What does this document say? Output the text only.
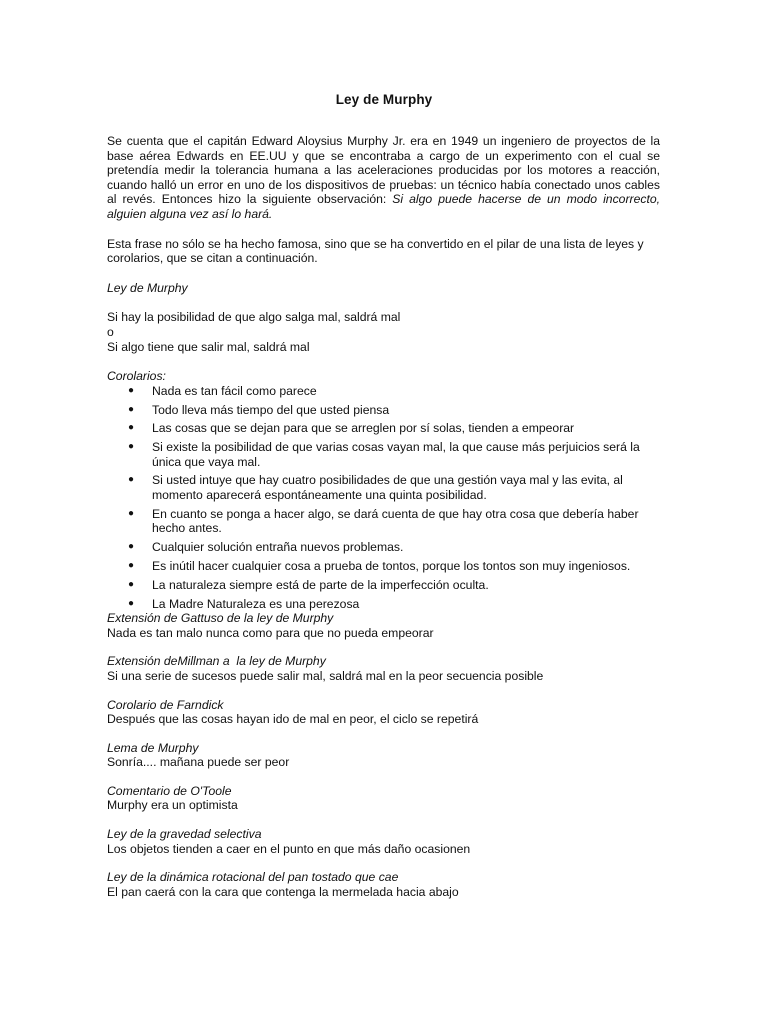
Ley de Murphy

Se cuenta que el capitán Edward Aloysius Murphy Jr. era en 1949 un ingeniero de proyectos de la base aérea Edwards en EE.UU y que se encontraba a cargo de un experimento con el cual se pretendía medir la tolerancia humana a las aceleraciones producidas por los motores a reacción, cuando halló un error en uno de los dispositivos de pruebas: un técnico había conectado unos cables al revés. Entonces hizo la siguiente observación: Si algo puede hacerse de un modo incorrecto, alguien alguna vez así lo hará.

Esta frase no sólo se ha hecho famosa, sino que se ha convertido en el pilar de una lista de leyes y corolarios, que se citan a continuación.

Ley de Murphy

Si hay la posibilidad de que algo salga mal, saldrá mal

o

Si algo tiene que salir mal, saldrá mal

Corolarios:

● Nada es tan fácil como parece
● Todo lleva más tiempo del que usted piensa
● Las cosas que se dejan para que se arreglen por sí solas, tienden a empeorar
● Si existe la posibilidad de que varias cosas vayan mal, la que cause más perjuicios será la única que vaya mal.
● Si usted intuye que hay cuatro posibilidades de que una gestión vaya mal y las evita, al momento aparecerá espontáneamente una quinta posibilidad.
● En cuanto se ponga a hacer algo, se dará cuenta de que hay otra cosa que debería haber hecho antes.
● Cualquier solución entraña nuevos problemas.
● Es inútil hacer cualquier cosa a prueba de tontos, porque los tontos son muy ingeniosos.
● La naturaleza siempre está de parte de la imperfección oculta.
● La Madre Naturaleza es una perezosa

Extensión de Gattuso de la ley de Murphy

Nada es tan malo nunca como para que no pueda empeorar

Extensión deMillman a  la ley de Murphy

Si una serie de sucesos puede salir mal, saldrá mal en la peor secuencia posible

Corolario de Farndick

Después que las cosas hayan ido de mal en peor, el ciclo se repetirá

Lema de Murphy

Sonría.... mañana puede ser peor

Comentario de O'Toole

Murphy era un optimista

Ley de la gravedad selectiva

Los objetos tienden a caer en el punto en que más daño ocasionen

Ley de la dinámica rotacional del pan tostado que cae

El pan caerá con la cara que contenga la mermelada hacia abajo
